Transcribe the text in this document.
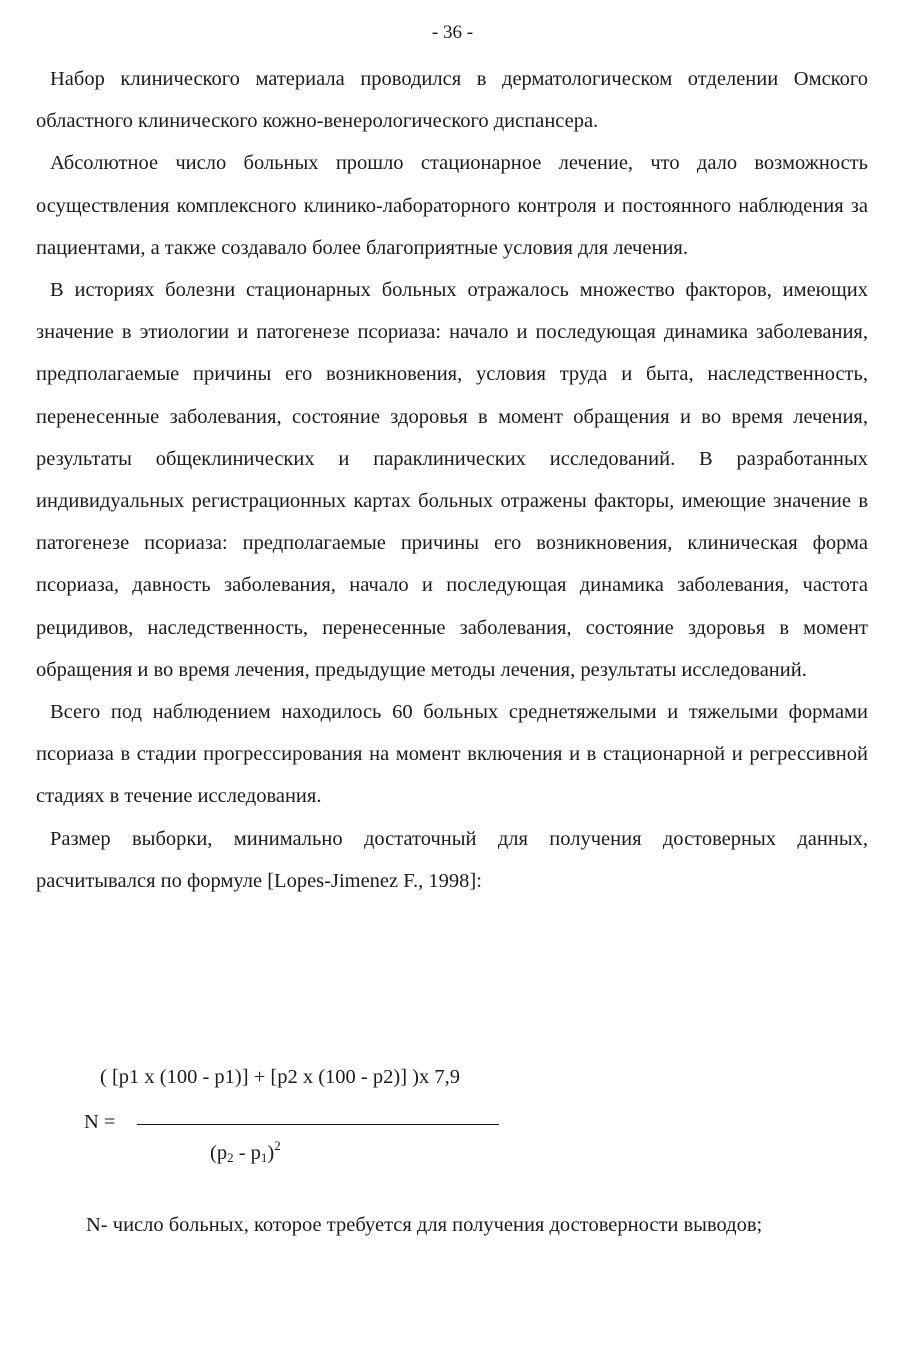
- 36 -

Набор клинического материала проводился в дерматологическом отделении Омского областного клинического кожно-венерологического диспансера.

Абсолютное число больных прошло стационарное лечение, что дало возможность осуществления комплексного клинико-лабораторного контроля и постоянного наблюдения за пациентами, а также создавало более благоприятные условия для лечения.

В историях болезни стационарных больных отражалось множество факторов, имеющих значение в этиологии и патогенезе псориаза: начало и последующая динамика заболевания, предполагаемые причины его возникновения, условия труда и быта, наследственность, перенесенные заболевания, состояние здоровья в момент обращения и во время лечения, результаты общеклинических и параклинических исследований. В разработанных индивидуальных регистрационных картах больных отражены факторы, имеющие значение в патогенезе псориаза: предполагаемые причины его возникновения, клиническая форма псориаза, давность заболевания, начало и последующая динамика заболевания, частота рецидивов, наследственность, перенесенные заболевания, состояние здоровья в момент обращения и во время лечения, предыдущие методы лечения, результаты исследований.

Всего под наблюдением находилось 60 больных среднетяжелыми и тяжелыми формами псориаза в стадии прогрессирования на момент включения и в стационарной и регрессивной стадиях в течение исследования.

Размер выборки, минимально достаточный для получения достоверных данных, расчитывался по формуле [Lopes-Jimenez F., 1998]:

( [p1 x (100 - p1)] + [p2 x (100 - p2)] )x 7,9
N =
$(p_2 - p_1)^2$

N- число больных, которое требуется для получения достоверности выводов;
